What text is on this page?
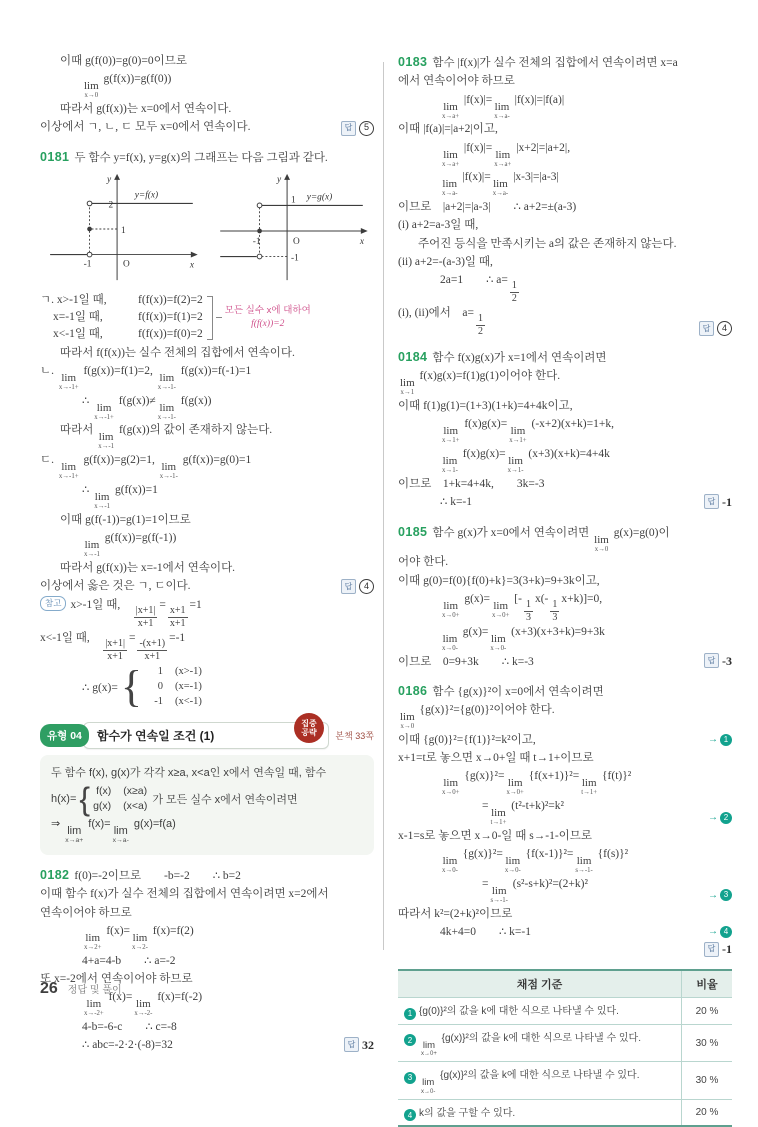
이때 g(f(0))=g(0)=0이므로
lim
x→0
g(f(x))=g(f(0))
따라서 g(f(x))는 x=0에서 연속이다.
이상에서 ㄱ, ㄴ, ㄷ 모두 x=0에서 연속이다.	답	5
0181 두 함수 y=f(x), y=g(x)의 그래프는 다음 그림과 같다.
y
x
2
y=f(x)
1
-1	O
y
x
1 y=g(x)
-1	O
-1
ㄱ. x>-1일 때,	f(f(x))=f(2)=2
x=-1일 때,	f(f(x))=f(1)=2
x<-1일 때,	f(f(x))=f(0)=2
모든 실수 x에 대하여
f(f(x))=2
따라서 f(f(x))는 실수 전체의 집합에서 연속이다.
ㄴ.
lim
x→-1+
f(g(x))=f(1)=2,
lim
x→-1-
f(g(x))=f(-1)=1
∴
lim
x→-1+
f(g(x))≠
lim
x→-1-
f(g(x))
따라서
lim
x→-1
f(g(x))의 값이 존재하지 않는다.
ㄷ.
lim
x→-1+
g(f(x))=g(2)=1,
lim
x→-1-
g(f(x))=g(0)=1
∴
lim
x→-1
g(f(x))=1
이때 g(f(-1))=g(1)=1이므로
lim
x→-1
g(f(x))=g(f(-1))
따라서 g(f(x))는 x=-1에서 연속이다.
이상에서 옳은 것은 ㄱ, ㄷ이다.	답	4
참고 x>-1일 때, 
$\frac{|x+1|}{x+1}$
=
$\frac{x+1}{x+1}$
=1
x<-1일 때, 
$\frac{|x+1|}{x+1}$
=
$\frac{-(x+1)}{x+1}$
=-1
∴ g(x)= {	1 (x>-1)
0 (x=-1)
-1 (x<-1)
유형 04	함수가 연속일 조건 (1)
집중
공략 본책 33쪽
두 함수 f(x), g(x)가 각각 x≥a, x<a인 x에서 연속일 때, 함수
h(x)= { f(x) (x≥a)
g(x) (x<a) 가 모든 실수 x에서 연속이려면
⇒
lim
x→a+
f(x)=
lim
x→a-
g(x)=f(a)
0182 f(0)=-2이므로  -b=-2  ∴ b=2
이때 함수 f(x)가 실수 전체의 집합에서 연속이려면 x=2에서
연속이어야 하므로
lim
x→2+
f(x)=
lim
x→2-
f(x)=f(2)
4+a=4-b  ∴ a=-2
또 x=-2에서 연속이어야 하므로
lim
x→-2+
f(x)=
lim
x→-2-
f(x)=f(-2)
4-b=-6-c  ∴ c=-8
∴ abc=-2·2·(-8)=32	답 32
0183 함수 |f(x)|가 실수 전체의 집합에서 연속이려면 x=a
에서 연속이어야 하므로
lim
x→a+
|f(x)|=
lim
x→a-
|f(x)|=|f(a)|
이때 |f(a)|=|a+2|이고,
lim
x→a+
|f(x)|=
lim
x→a+
|x+2|=|a+2|,
lim
x→a-
|f(x)|=
lim
x→a-
|x-3|=|a-3|
이므로 |a+2|=|a-3|  ∴ a+2=±(a-3)
(i) a+2=a-3일 때,
주어진 등식을 만족시키는 a의 값은 존재하지 않는다.
(ii) a+2=-(a-3)일 때,
2a=1  ∴ a=
$\frac{1}{2}$
(i), (ii)에서 a=
$\frac{1}{2}$	답	4
0184 함수 f(x)g(x)가 x=1에서 연속이려면
lim
x→1
f(x)g(x)=f(1)g(1)이어야 한다.
이때 f(1)g(1)=(1+3)(1+k)=4+4k이고,
lim
x→1+
f(x)g(x)=
lim
x→1+
(-x+2)(x+k)=1+k,
lim
x→1-
f(x)g(x)=
lim
x→1-
(x+3)(x+k)=4+4k
이므로 1+k=4+4k,  3k=-3
∴ k=-1	답 -1
0185 함수 g(x)가 x=0에서 연속이려면
lim
x→0
g(x)=g(0)이
어야 한다.
이때 g(0)=f(0){f(0)+k}=3(3+k)=9+3k이고,
lim
x→0+
g(x)=
lim
x→0+
[-
$\frac{1}{3}$
x(-
$\frac{1}{3}$
x+k)]=0,
lim
x→0-
g(x)=
lim
x→0-
(x+3)(x+3+k)=9+3k
이므로 0=9+3k  ∴ k=-3	답 -3
0186 함수 {g(x)}²이 x=0에서 연속이려면
lim
x→0
{g(x)}²={g(0)}²이어야 한다.
이때 {g(0)}²={f(1)}²=k²이고,	→ 1
x+1=t로 놓으면 x→0+일 때 t→1+이므로
lim
x→0+
{g(x)}²=
lim
x→0+
{f(x+1)}²=
lim
t→1+
{f(t)}²
=
lim
t→1+
(t²-t+k)²=k²
→ 2
x-1=s로 놓으면 x→0-일 때 s→-1-이므로
lim
x→0-
{g(x)}²=
lim
x→0-
{f(x-1)}²=
lim
s→-1-
{f(s)}²
=
lim
s→-1-
(s²-s+k)²=(2+k)²
→ 3
따라서 k²=(2+k)²이므로
4k+4=0  ∴ k=-1	→ 4
답 -1
채점 기준	비율
1 {g(0)}²의 값을 k에 대한 식으로 나타낼 수 있다.	20 %
2 lim
x→0+
{g(x)}²의 값을 k에 대한 식으로 나타낼 수 있다.	30 %
3 lim
x→0-
{g(x)}²의 값을 k에 대한 식으로 나타낼 수 있다.	30 %
4 k의 값을 구할 수 있다.	20 %
26 정답 및 풀이
